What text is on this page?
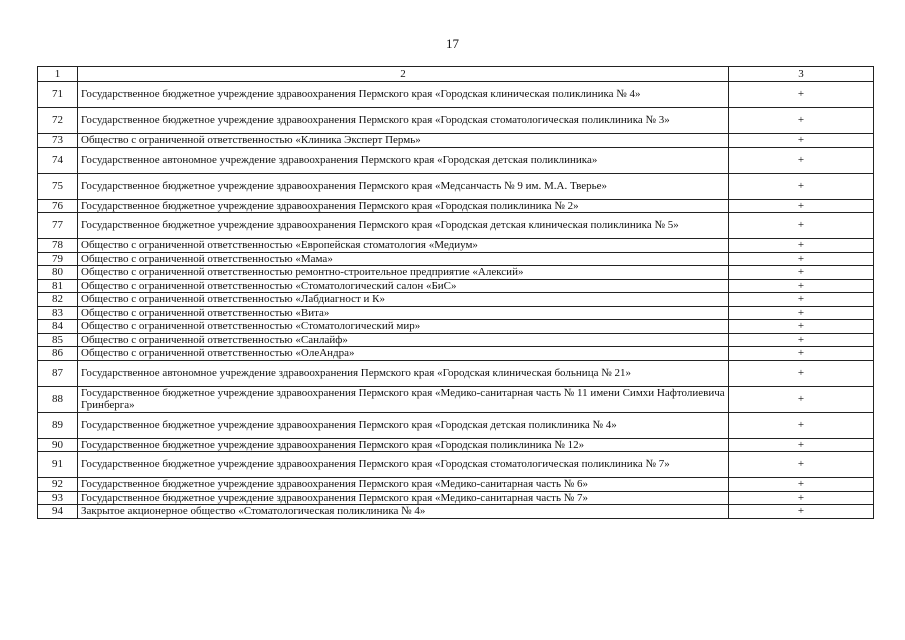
17
1	2	3
71	Государственное бюджетное учреждение здравоохранения Пермского края «Городская клиническая поликлиника № 4»	+
72	Государственное бюджетное учреждение здравоохранения Пермского края «Городская стоматологическая поликлиника № 3»	+
73	Общество с ограниченной ответственностью «Клиника Эксперт Пермь»	+
74	Государственное автономное учреждение здравоохранения Пермского края «Городская детская поликлиника»	+
75	Государственное бюджетное учреждение здравоохранения Пермского края «Медсанчасть № 9 им. М.А. Тверье»	+
76	Государственное бюджетное учреждение здравоохранения Пермского края «Городская поликлиника № 2»	+
77	Государственное бюджетное учреждение здравоохранения Пермского края «Городская детская клиническая поликлиника № 5»	+
78	Общество с ограниченной ответственностью «Европейская стоматология «Медиум»	+
79	Общество с ограниченной ответственностью «Мама»	+
80	Общество с ограниченной ответственностью ремонтно-строительное предприятие «Алексий»	+
81	Общество с ограниченной ответственностью «Стоматологический салон «БиС»	+
82	Общество с ограниченной ответственностью «Лабдиагност и К»	+
83	Общество с ограниченной ответственностью «Вита»	+
84	Общество с ограниченной ответственностью «Стоматологический мир»	+
85	Общество с ограниченной ответственностью «Санлайф»	+
86	Общество с ограниченной ответственностью «ОлеАндра»	+
87	Государственное автономное учреждение здравоохранения Пермского края «Городская клиническая больница № 21»	+
88	Государственное бюджетное учреждение здравоохранения Пермского края «Медико-санитарная часть № 11 имени Симхи Нафтолиевича Гринберга»	+
89	Государственное бюджетное учреждение здравоохранения Пермского края «Городская детская поликлиника № 4»	+
90	Государственное бюджетное учреждение здравоохранения Пермского края «Городская поликлиника № 12»	+
91	Государственное бюджетное учреждение здравоохранения Пермского края «Городская стоматологическая поликлиника № 7»	+
92	Государственное бюджетное учреждение здравоохранения Пермского края «Медико-санитарная часть № 6»	+
93	Государственное бюджетное учреждение здравоохранения Пермского края «Медико-санитарная часть № 7»	+
94	Закрытое акционерное общество «Стоматологическая поликлиника № 4»	+
